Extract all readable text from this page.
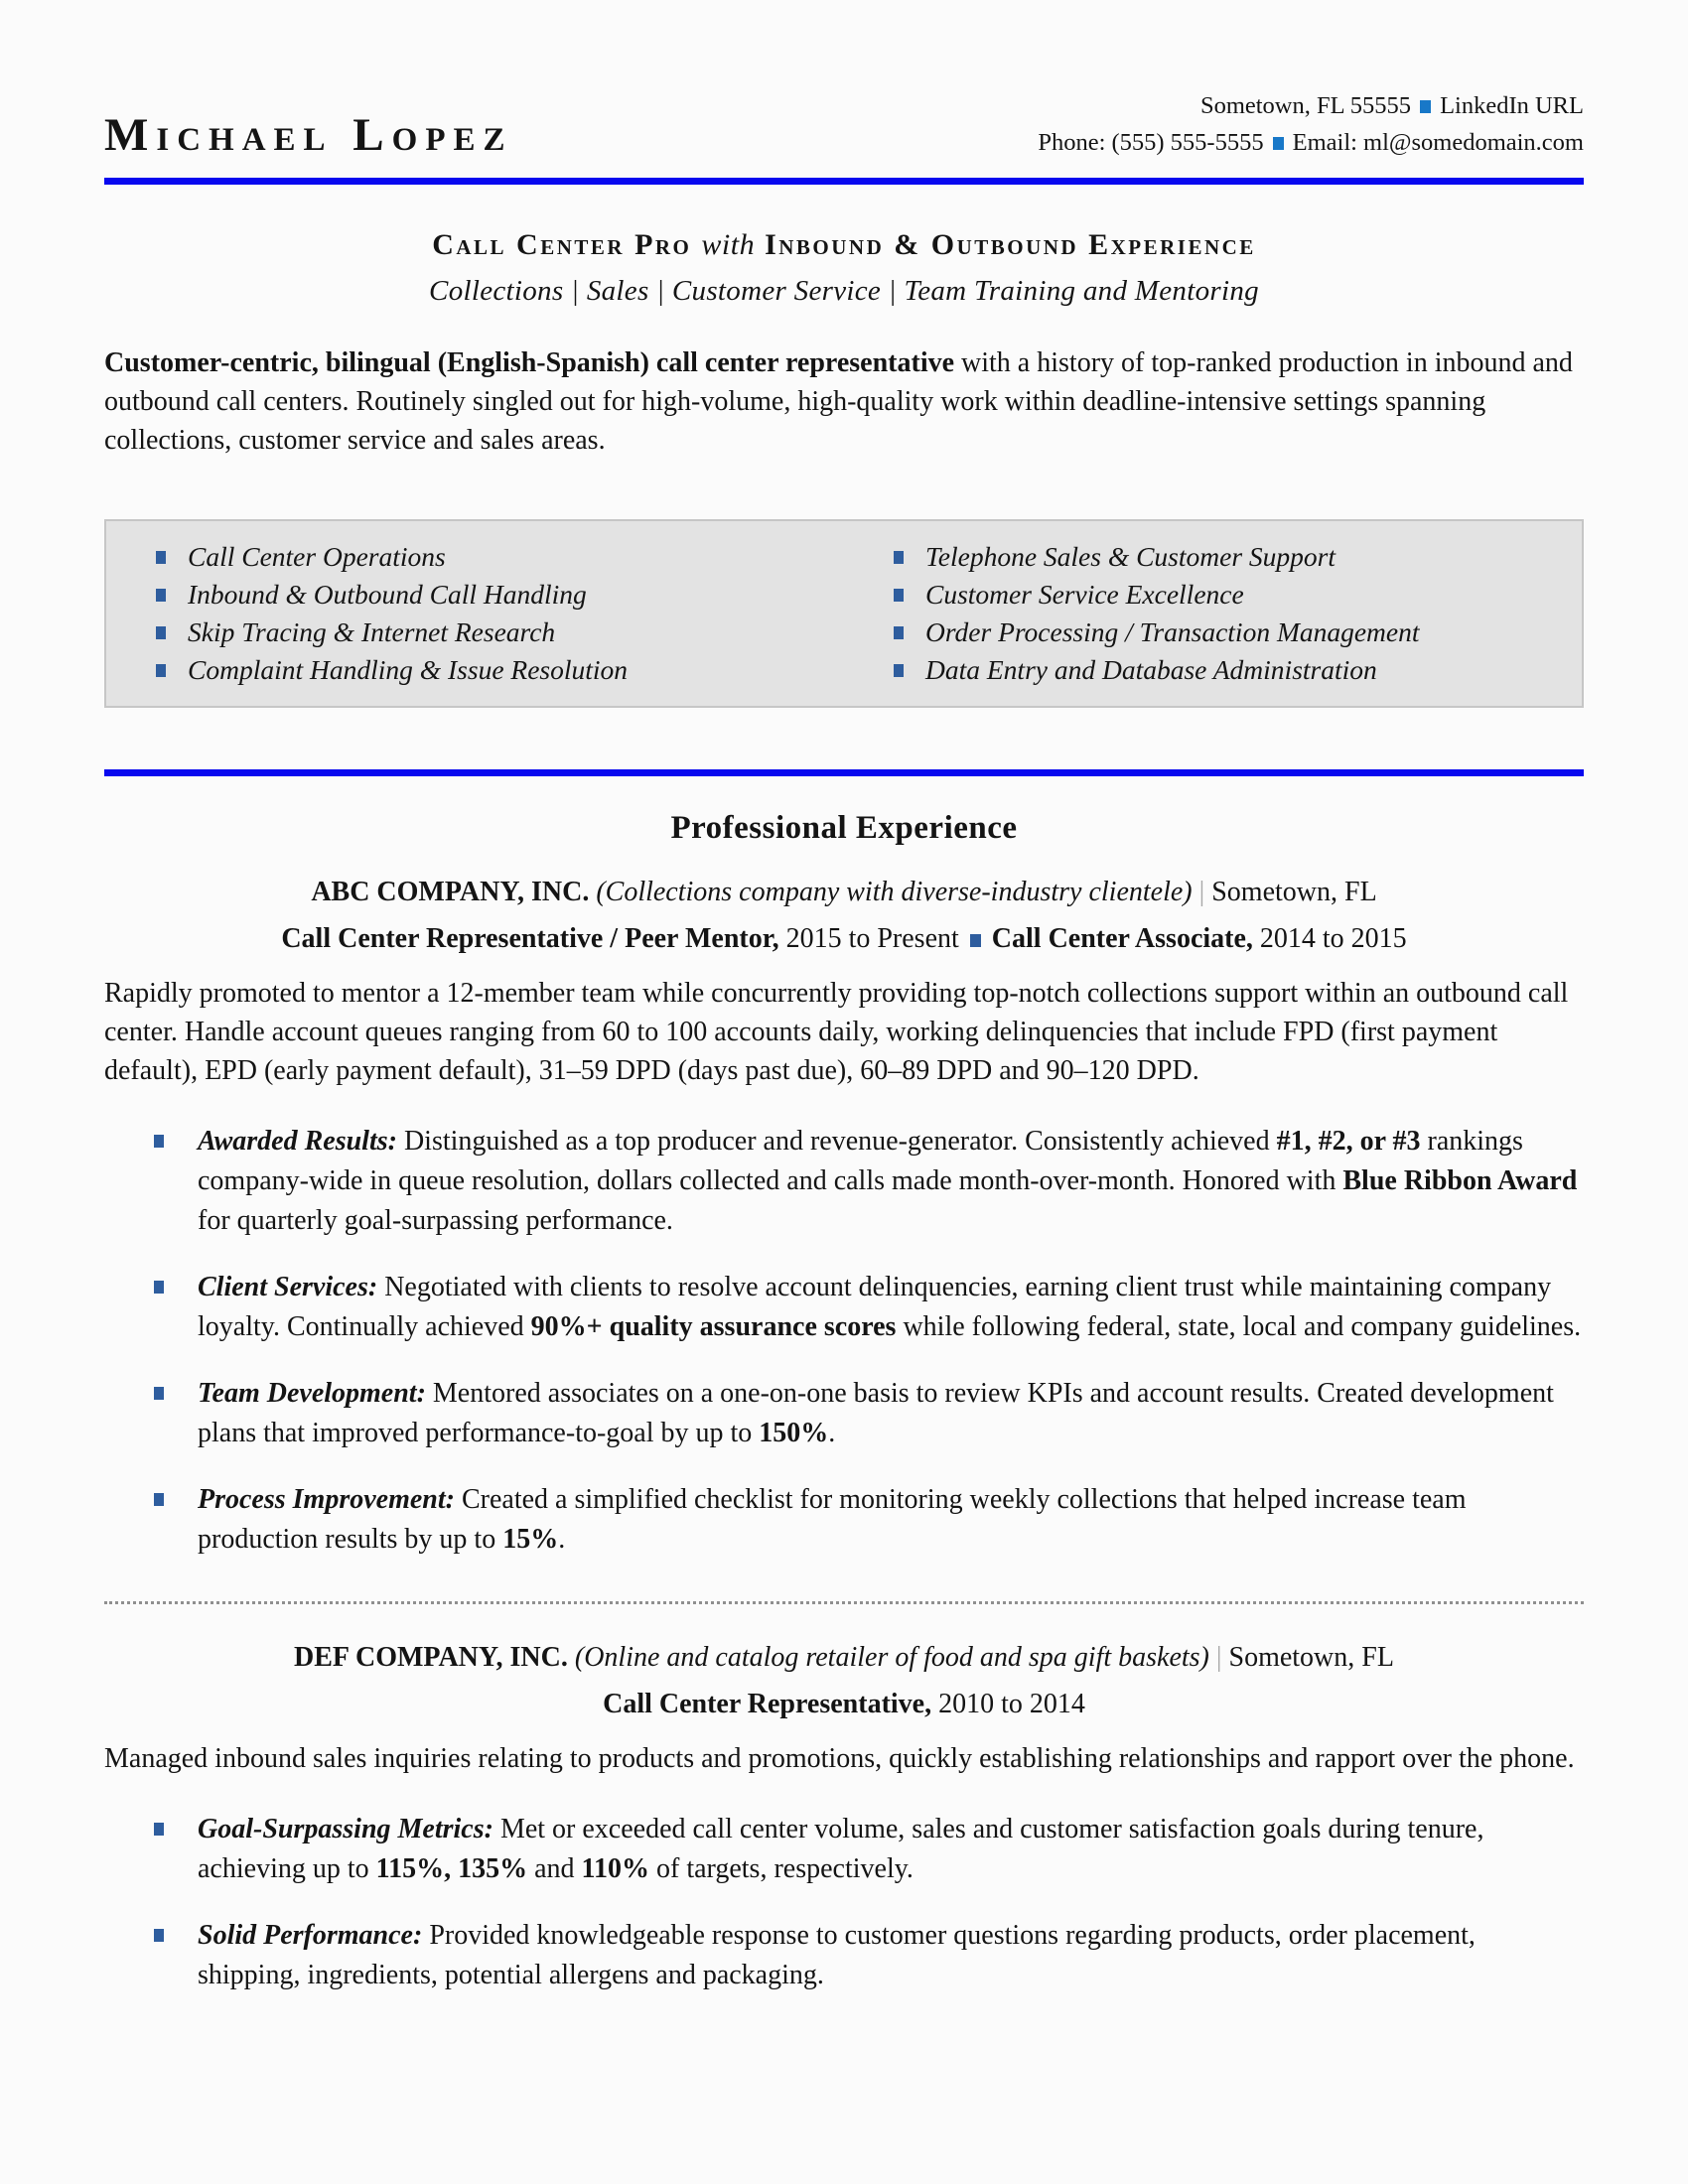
Michael Lopez
Sometown, FL 55555 LinkedIn URL
Phone: (555) 555-5555 Email: ml@somedomain.com
Call Center Pro with Inbound & Outbound Experience
Collections | Sales | Customer Service | Team Training and Mentoring

Customer-centric, bilingual (English-Spanish) call center representative with a history of top-ranked production in inbound and outbound call centers. Routinely singled out for high-volume, high-quality work within deadline-intensive settings spanning collections, customer service and sales areas.

Call Center Operations	Telephone Sales & Customer Support
Inbound & Outbound Call Handling	Customer Service Excellence
Skip Tracing & Internet Research	Order Processing / Transaction Management
Complaint Handling & Issue Resolution	Data Entry and Database Administration
Professional Experience
ABC COMPANY, INC. (Collections company with diverse-industry clientele) | Sometown, FL
Call Center Representative / Peer Mentor, 2015 to Present Call Center Associate, 2014 to 2015

Rapidly promoted to mentor a 12-member team while concurrently providing top-notch collections support within an outbound call center. Handle account queues ranging from 60 to 100 accounts daily, working delinquencies that include FPD (first payment default), EPD (early payment default), 31–59 DPD (days past due), 60–89 DPD and 90–120 DPD.

Awarded Results: Distinguished as a top producer and revenue-generator. Consistently achieved #1, #2, or #3 rankings company-wide in queue resolution, dollars collected and calls made month-over-month. Honored with Blue Ribbon Award for quarterly goal-surpassing performance.
Client Services: Negotiated with clients to resolve account delinquencies, earning client trust while maintaining company loyalty. Continually achieved 90%+ quality assurance scores while following federal, state, local and company guidelines.
Team Development: Mentored associates on a one-on-one basis to review KPIs and account results. Created development plans that improved performance-to-goal by up to 150%.
Process Improvement: Created a simplified checklist for monitoring weekly collections that helped increase team production results by up to 15%.
DEF COMPANY, INC. (Online and catalog retailer of food and spa gift baskets) | Sometown, FL
Call Center Representative, 2010 to 2014

Managed inbound sales inquiries relating to products and promotions, quickly establishing relationships and rapport over the phone.

Goal-Surpassing Metrics: Met or exceeded call center volume, sales and customer satisfaction goals during tenure, achieving up to 115%, 135% and 110% of targets, respectively.
Solid Performance: Provided knowledgeable response to customer questions regarding products, order placement, shipping, ingredients, potential allergens and packaging.
